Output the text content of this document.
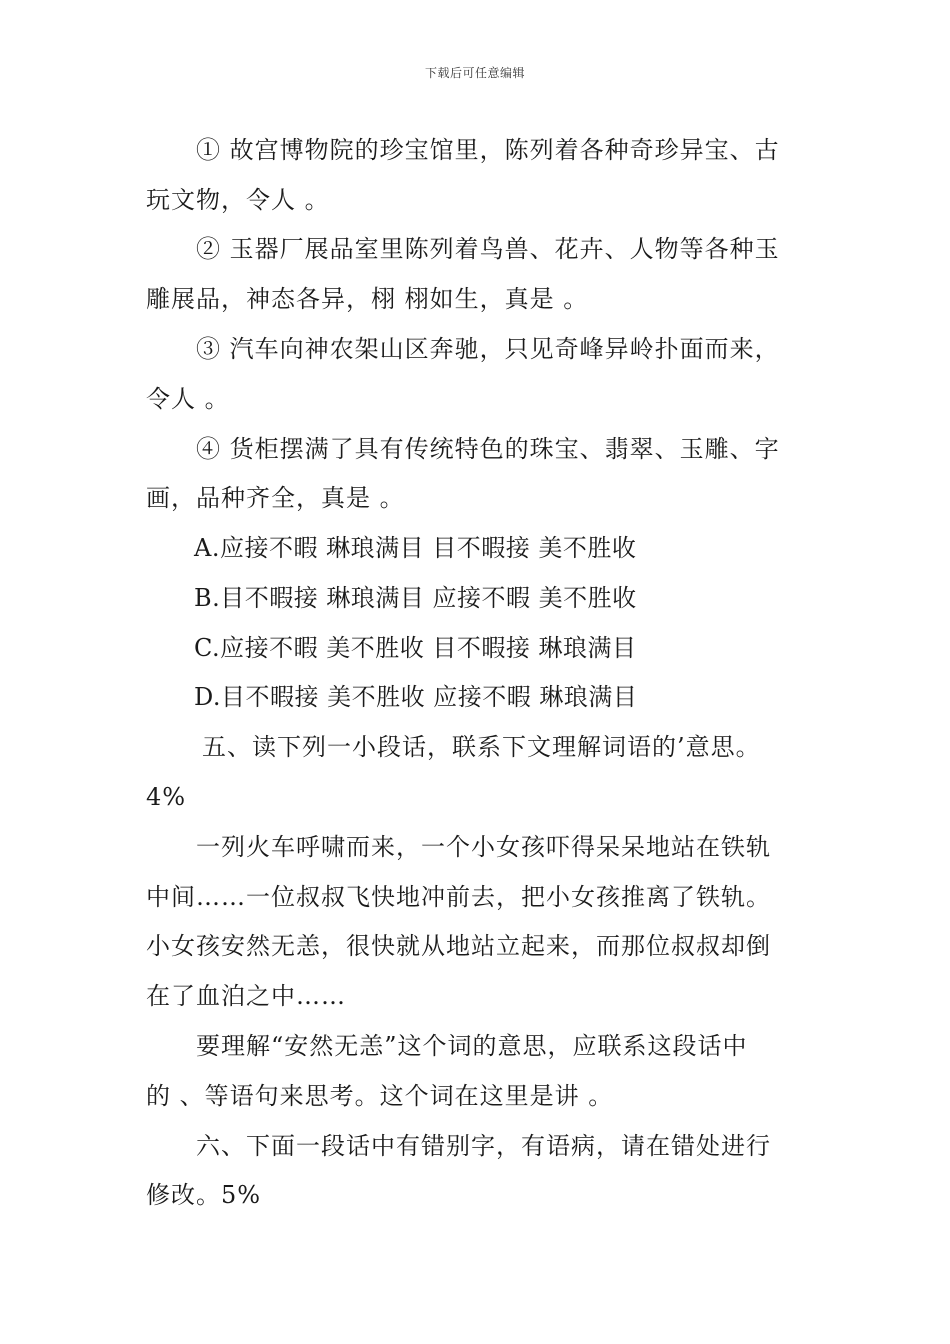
下载后可任意编辑
① 故宫博物院的珍宝馆里，陈列着各种奇珍异宝、古
玩文物，令人 。
② 玉器厂展品室里陈列着鸟兽、花卉、人物等各种玉
雕展品，神态各异，栩 栩如生，真是 。
③ 汽车向神农架山区奔驰，只见奇峰异岭扑面而来，
令人 。
④ 货柜摆满了具有传统特色的珠宝、翡翠、玉雕、字
画，品种齐全，真是 。
A.应接不暇 琳琅满目 目不暇接 美不胜收
B.目不暇接 琳琅满目 应接不暇 美不胜收
C.应接不暇 美不胜收 目不暇接 琳琅满目
D.目不暇接 美不胜收 应接不暇 琳琅满目
五、读下列一小段话，联系下文理解词语的’意思。
4%
一列火车呼啸而来，一个小女孩吓得呆呆地站在铁轨
中间……一位叔叔飞快地冲前去，把小女孩推离了铁轨。
小女孩安然无恙，很快就从地站立起来，而那位叔叔却倒
在了血泊之中……
要理解“安然无恙”这个词的意思，应联系这段话中
的 、等语句来思考。这个词在这里是讲 。
六、下面一段话中有错别字，有语病，请在错处进行
修改。5%
